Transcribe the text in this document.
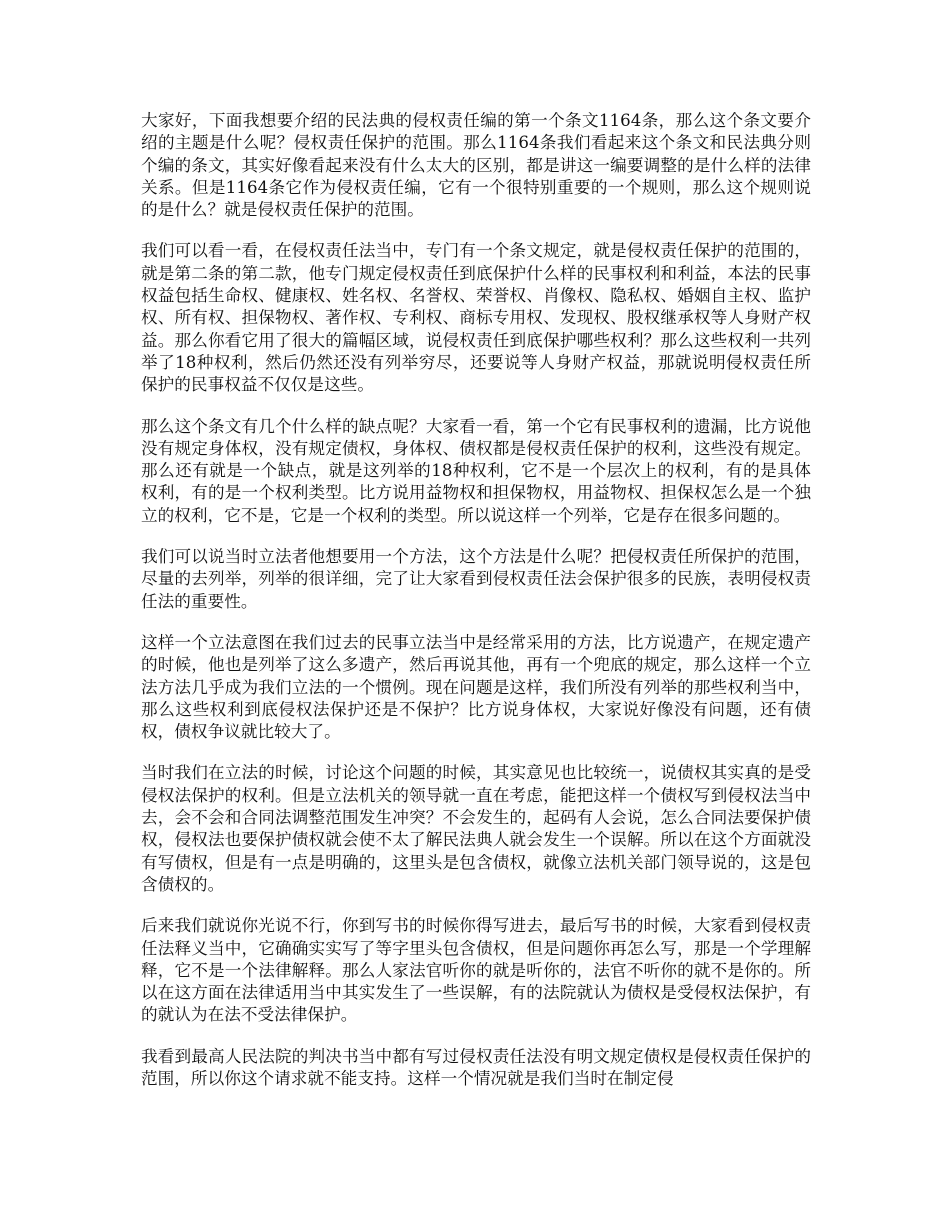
大家好，下面我想要介绍的民法典的侵权责任编的第一个条文1164条，那么这个条文要介绍的主题是什么呢？侵权责任保护的范围。那么1164条我们看起来这个条文和民法典分则个编的条文，其实好像看起来没有什么太大的区别，都是讲这一编要调整的是什么样的法律关系。但是1164条它作为侵权责任编，它有一个很特别重要的一个规则，那么这个规则说的是什么？就是侵权责任保护的范围。

我们可以看一看，在侵权责任法当中，专门有一个条文规定，就是侵权责任保护的范围的，就是第二条的第二款，他专门规定侵权责任到底保护什么样的民事权利和利益，本法的民事权益包括生命权、健康权、姓名权、名誉权、荣誉权、肖像权、隐私权、婚姻自主权、监护权、所有权、担保物权、著作权、专利权、商标专用权、发现权、股权继承权等人身财产权益。那么你看它用了很大的篇幅区域，说侵权责任到底保护哪些权利？那么这些权利一共列举了18种权利，然后仍然还没有列举穷尽，还要说等人身财产权益，那就说明侵权责任所保护的民事权益不仅仅是这些。

那么这个条文有几个什么样的缺点呢？大家看一看，第一个它有民事权利的遗漏，比方说他没有规定身体权，没有规定债权，身体权、债权都是侵权责任保护的权利，这些没有规定。那么还有就是一个缺点，就是这列举的18种权利，它不是一个层次上的权利，有的是具体权利，有的是一个权利类型。比方说用益物权和担保物权，用益物权、担保权怎么是一个独立的权利，它不是，它是一个权利的类型。所以说这样一个列举，它是存在很多问题的。

我们可以说当时立法者他想要用一个方法，这个方法是什么呢？把侵权责任所保护的范围，尽量的去列举，列举的很详细，完了让大家看到侵权责任法会保护很多的民族，表明侵权责任法的重要性。

这样一个立法意图在我们过去的民事立法当中是经常采用的方法，比方说遗产，在规定遗产的时候，他也是列举了这么多遗产，然后再说其他，再有一个兜底的规定，那么这样一个立法方法几乎成为我们立法的一个惯例。现在问题是这样，我们所没有列举的那些权利当中，那么这些权利到底侵权法保护还是不保护？比方说身体权，大家说好像没有问题，还有债权，债权争议就比较大了。

当时我们在立法的时候，讨论这个问题的时候，其实意见也比较统一，说债权其实真的是受侵权法保护的权利。但是立法机关的领导就一直在考虑，能把这样一个债权写到侵权法当中去，会不会和合同法调整范围发生冲突？不会发生的，起码有人会说，怎么合同法要保护债权，侵权法也要保护债权就会使不太了解民法典人就会发生一个误解。所以在这个方面就没有写债权，但是有一点是明确的，这里头是包含债权，就像立法机关部门领导说的，这是包含债权的。

后来我们就说你光说不行，你到写书的时候你得写进去，最后写书的时候，大家看到侵权责任法释义当中，它确确实实写了等字里头包含债权，但是问题你再怎么写，那是一个学理解释，它不是一个法律解释。那么人家法官听你的就是听你的，法官不听你的就不是你的。所以在这方面在法律适用当中其实发生了一些误解，有的法院就认为债权是受侵权法保护，有的就认为在法不受法律保护。

我看到最高人民法院的判决书当中都有写过侵权责任法没有明文规定债权是侵权责任保护的范围，所以你这个请求就不能支持。这样一个情况就是我们当时在制定侵
